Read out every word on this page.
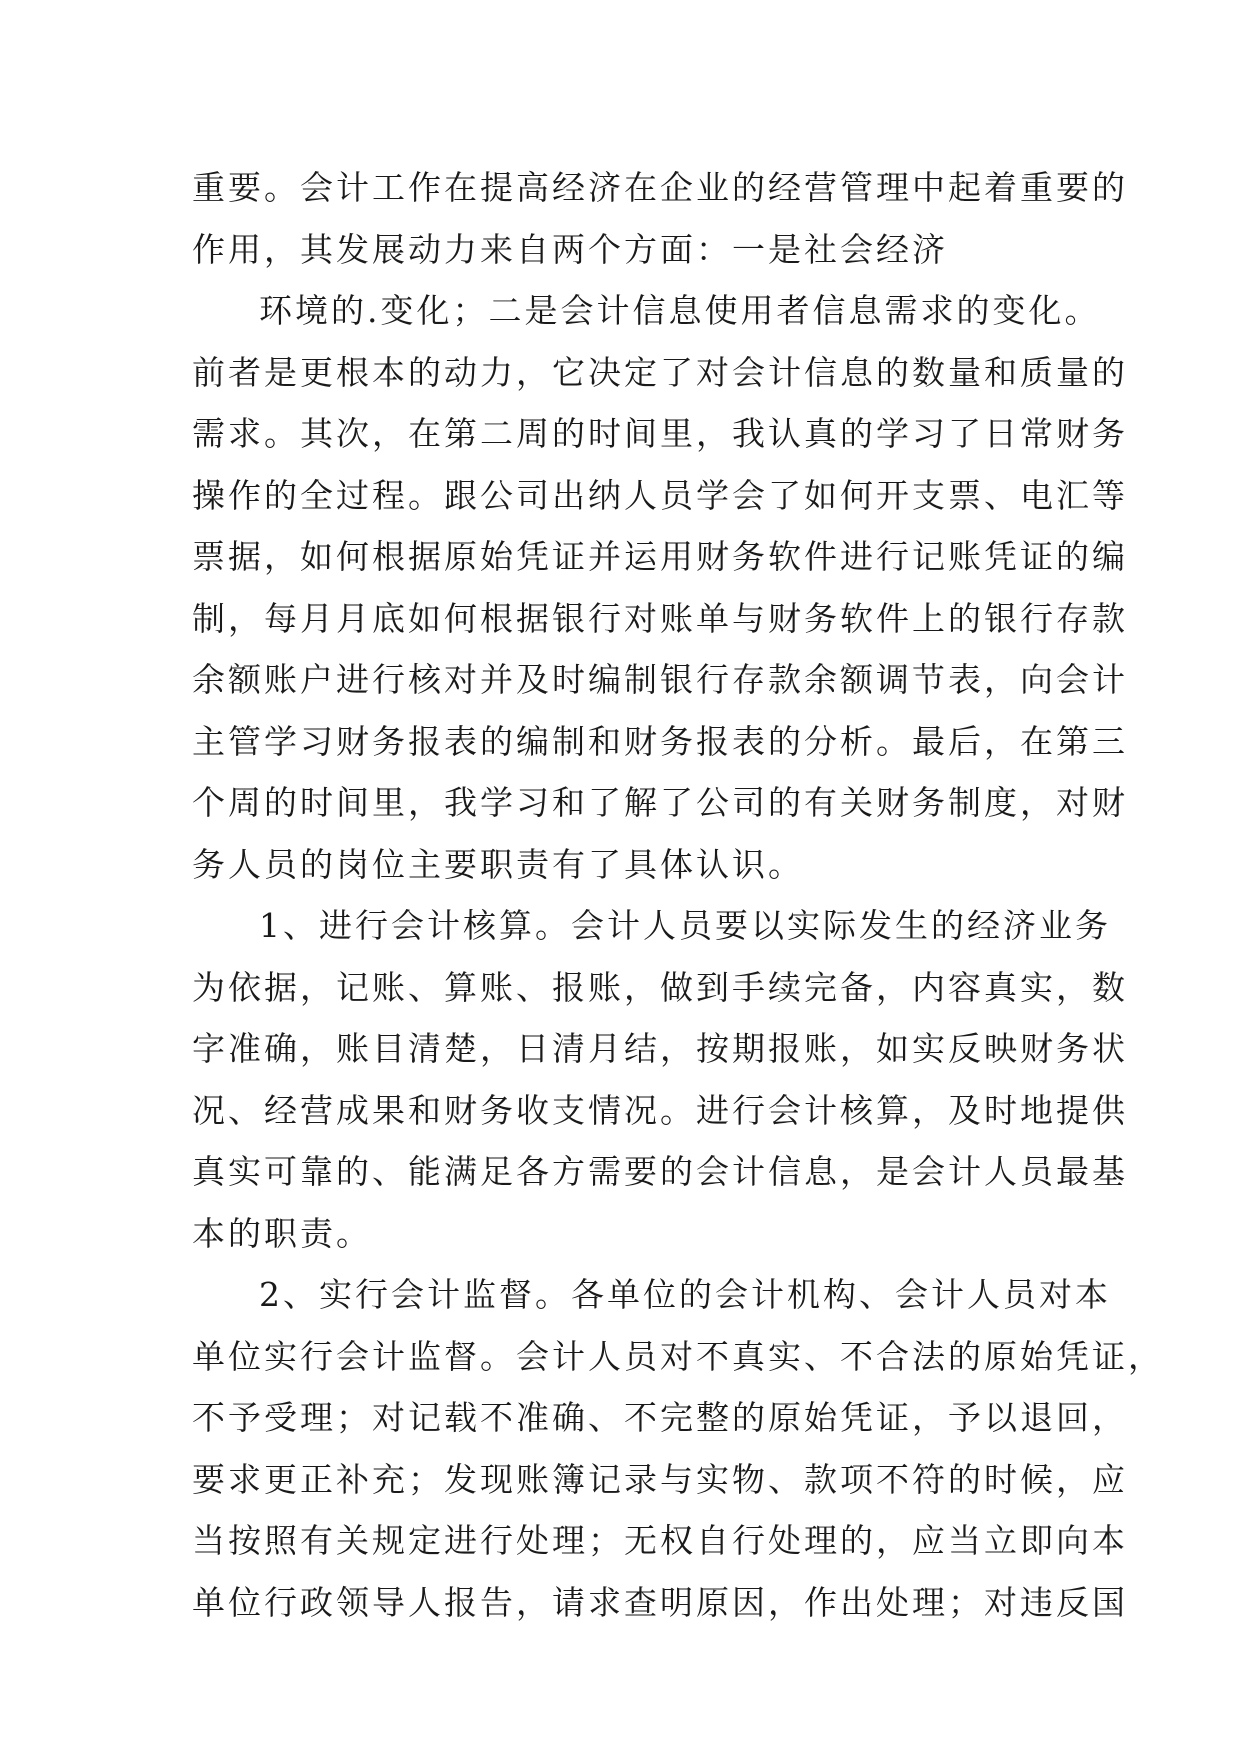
重要。会计工作在提高经济在企业的经营管理中起着重要的
作用，其发展动力来自两个方面：一是社会经济
环境的.变化；二是会计信息使用者信息需求的变化。
前者是更根本的动力，它决定了对会计信息的数量和质量的
需求。其次，在第二周的时间里，我认真的学习了日常财务
操作的全过程。跟公司出纳人员学会了如何开支票、电汇等
票据，如何根据原始凭证并运用财务软件进行记账凭证的编
制，每月月底如何根据银行对账单与财务软件上的银行存款
余额账户进行核对并及时编制银行存款余额调节表，向会计
主管学习财务报表的编制和财务报表的分析。最后，在第三
个周的时间里，我学习和了解了公司的有关财务制度，对财
务人员的岗位主要职责有了具体认识。
1、进行会计核算。会计人员要以实际发生的经济业务
为依据，记账、算账、报账，做到手续完备，内容真实，数
字准确，账目清楚，日清月结，按期报账，如实反映财务状
况、经营成果和财务收支情况。进行会计核算，及时地提供
真实可靠的、能满足各方需要的会计信息，是会计人员最基
本的职责。
2、实行会计监督。各单位的会计机构、会计人员对本
单位实行会计监督。会计人员对不真实、不合法的原始凭证，
不予受理；对记载不准确、不完整的原始凭证，予以退回，
要求更正补充；发现账簿记录与实物、款项不符的时候，应
当按照有关规定进行处理；无权自行处理的，应当立即向本
单位行政领导人报告，请求查明原因，作出处理；对违反国
